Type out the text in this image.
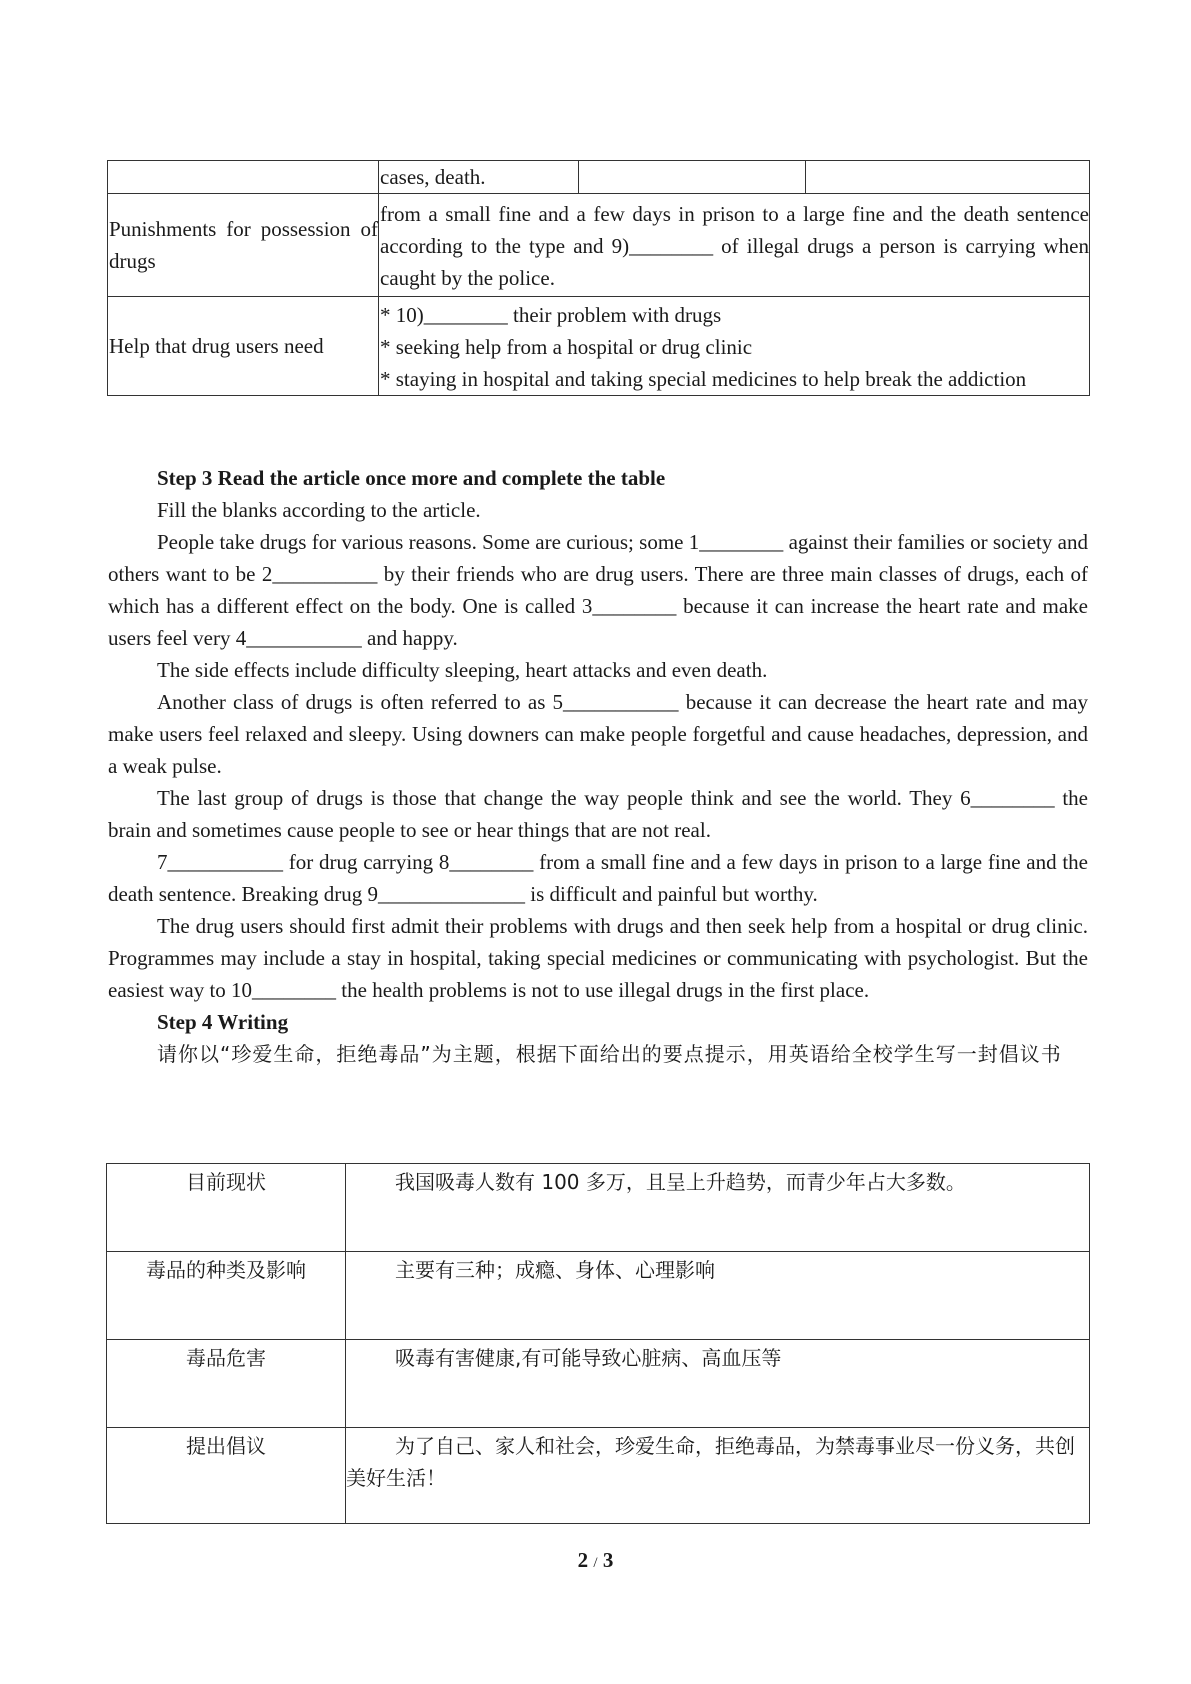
	cases, death.		

Punishments for possession of drugs	from a small fine and a few days in prison to a large fine and the death sentence according to the type and 9)________ of illegal drugs a person is carrying when caught by the police.		
Help that drug users need	* 10)________ their problem with drugs
* seeking help from a hospital or drug clinic
* staying in hospital and taking special medicines to help break the addiction		

Step 3 Read the article once more and complete the table

Fill the blanks according to the article.

People take drugs for various reasons. Some are curious; some 1________ against their families or society and others want to be 2__________ by their friends who are drug users. There are three main classes of drugs, each of which has a different effect on the body. One is called 3________ because it can increase the heart rate and make users feel very 4___________ and happy.

The side effects include difficulty sleeping, heart attacks and even death.

Another class of drugs is often referred to as 5___________ because it can decrease the heart rate and may make users feel relaxed and sleepy. Using downers can make people forgetful and cause headaches, depression, and a weak pulse.

The last group of drugs is those that change the way people think and see the world. They 6________ the brain and sometimes cause people to see or hear things that are not real.

7___________ for drug carrying 8________ from a small fine and a few days in prison to a large fine and the death sentence. Breaking drug 9______________ is difficult and painful but worthy.

The drug users should first admit their problems with drugs and then seek help from a hospital or drug clinic. Programmes may include a stay in hospital, taking special medicines or communicating with psychologist. But the easiest way to 10________ the health problems is not to use illegal drugs in the first place.

Step 4 Writing

请你以“珍爱生命，拒绝毒品”为主题，根据下面给出的要点提示，用英语给全校学生写一封倡议书

目前现状	我国吸毒人数有 100 多万，且呈上升趋势，而青少年占大多数。
毒品的种类及影响	主要有三种；成瘾、身体、心理影响
毒品危害	吸毒有害健康,有可能导致心脏病、高血压等
提出倡议	为了自己、家人和社会，珍爱生命，拒绝毒品，为禁毒事业尽一份义务，共创美好生活！
2 / 3
